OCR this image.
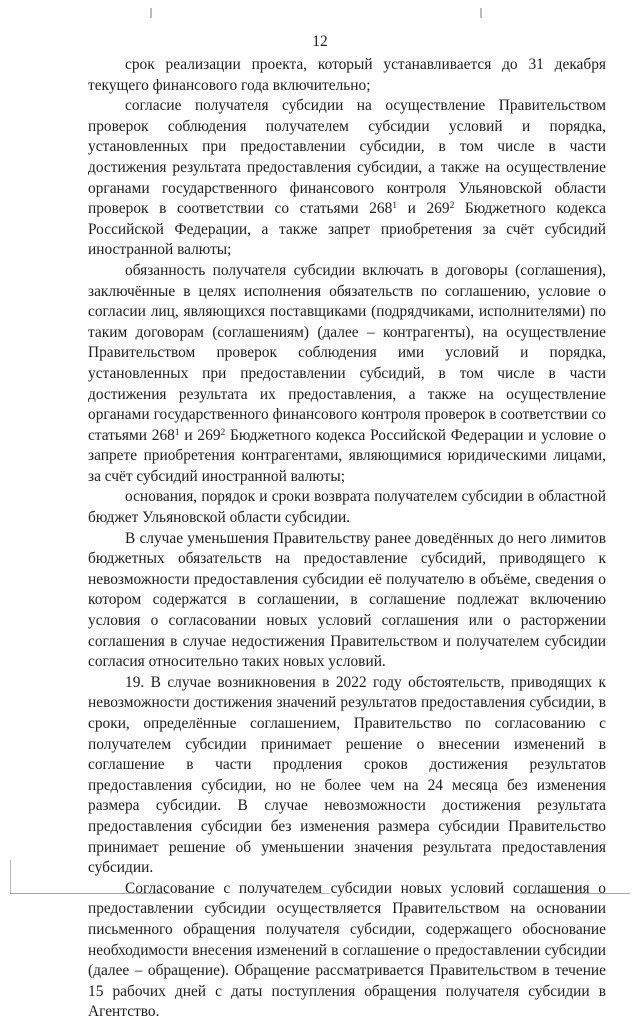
12

срок реализации проекта, который устанавливается до 31 декабря текущего финансового года включительно;

согласие получателя субсидии на осуществление Правительством проверок соблюдения получателем субсидии условий и порядка, установленных при предоставлении субсидии, в том числе в части достижения результата предоставления субсидии, а также на осуществление органами государственного финансового контроля Ульяновской области проверок в соответствии со статьями $268^1$ и $269^2$ Бюджетного кодекса Российской Федерации, а также запрет приобретения за счёт субсидий иностранной валюты;

обязанность получателя субсидии включать в договоры (соглашения), заключённые в целях исполнения обязательств по соглашению, условие о согласии лиц, являющихся поставщиками (подрядчиками, исполнителями) по таким договорам (соглашениям) (далее – контрагенты), на осуществление Правительством проверок соблюдения ими условий и порядка, установленных при предоставлении субсидий, в том числе в части достижения результата их предоставления, а также на осуществление органами государственного финансового контроля проверок в соответствии со статьями $268^1$ и $269^2$ Бюджетного кодекса Российской Федерации и условие о запрете приобретения контрагентами, являющимися юридическими лицами, за счёт субсидий иностранной валюты;

основания, порядок и сроки возврата получателем субсидии в областной бюджет Ульяновской области субсидии.

В случае уменьшения Правительству ранее доведённых до него лимитов бюджетных обязательств на предоставление субсидий, приводящего к невозможности предоставления субсидии её получателю в объёме, сведения о котором содержатся в соглашении, в соглашение подлежат включению условия о согласовании новых условий соглашения или о расторжении соглашения в случае недостижения Правительством и получателем субсидии согласия относительно таких новых условий.

19. В случае возникновения в 2022 году обстоятельств, приводящих к невозможности достижения значений результатов предоставления субсидии, в сроки, определённые соглашением, Правительство по согласованию с получателем субсидии принимает решение о внесении изменений в соглашение в части продления сроков достижения результатов предоставления субсидии, но не более чем на 24 месяца без изменения размера субсидии. В случае невозможности достижения результата предоставления субсидии без изменения размера субсидии Правительство принимает решение об уменьшении значения результата предоставления субсидии.

Согласование с получателем субсидии новых условий соглашения о предоставлении субсидии осуществляется Правительством на основании письменного обращения получателя субсидии, содержащего обоснование необходимости внесения изменений в соглашение о предоставлении субсидии (далее – обращение). Обращение рассматривается Правительством в течение 15 рабочих дней с даты поступления обращения получателя субсидии в Агентство.
